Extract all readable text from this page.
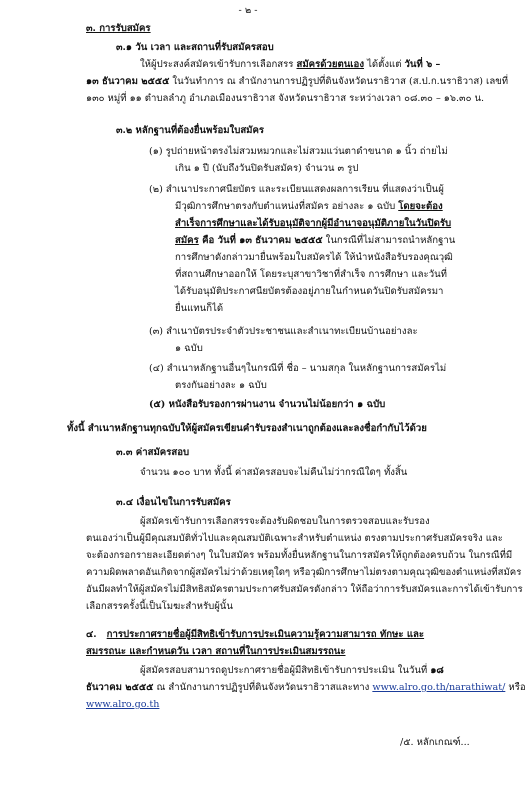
- ๒ -
๓. การรับสมัคร
๓.๑ วัน เวลา และสถานที่รับสมัครสอบ
ให้ผู้ประสงค์สมัครเข้ารับการเลือกสรร สมัครด้วยตนเอง ได้ตั้งแต่ วันที่ ๖ –
๑๓ ธันวาคม ๒๕๕๕ ในวันทำการ ณ สำนักงานการปฏิรูปที่ดินจังหวัดนราธิวาส (ส.ป.ก.นราธิวาส) เลขที่
๑๓๐ หมู่ที่ ๑๑ ตำบลลำภู อำเภอเมืองนราธิวาส จังหวัดนราธิวาส ระหว่างเวลา ๐๘.๓๐ – ๑๖.๓๐ น.
๓.๒ หลักฐานที่ต้องยื่นพร้อมใบสมัคร
(๑) รูปถ่ายหน้าตรงไม่สวมหมวกและไม่สวมแว่นตาดำขนาด ๑ นิ้ว ถ่ายไม่
เกิน ๑ ปี (นับถึงวันปิดรับสมัคร) จำนวน ๓ รูป
(๒) สำเนาประกาศนียบัตร และระเบียนแสดงผลการเรียน ที่แสดงว่าเป็นผู้
มีวุฒิการศึกษาตรงกับตำแหน่งที่สมัคร อย่างละ ๑ ฉบับ โดยจะต้อง
สำเร็จการศึกษาและได้รับอนุมัติจากผู้มีอำนาจอนุมัติภายในวันปิดรับ
สมัคร คือ วันที่ ๑๓ ธันวาคม ๒๕๕๕ ในกรณีที่ไม่สามารถนำหลักฐาน
การศึกษาดังกล่าวมายื่นพร้อมใบสมัครได้ ให้นำหนังสือรับรองคุณวุฒิ
ที่สถานศึกษาออกให้ โดยระบุสาขาวิชาที่สำเร็จ การศึกษา และวันที่
ได้รับอนุมัติประกาศนียบัตรต้องอยู่ภายในกำหนดวันปิดรับสมัครมา
ยื่นแทนก็ได้
(๓) สำเนาบัตรประจำตัวประชาชนและสำเนาทะเบียนบ้านอย่างละ
๑ ฉบับ
(๔) สำเนาหลักฐานอื่นๆในกรณีที่ ชื่อ – นามสกุล ในหลักฐานการสมัครไม่
ตรงกันอย่างละ ๑ ฉบับ
(๕) หนังสือรับรองการผ่านงาน จำนวนไม่น้อยกว่า ๑ ฉบับ
ทั้งนี้ สำเนาหลักฐานทุกฉบับให้ผู้สมัครเขียนคำรับรองสำเนาถูกต้องและลงชื่อกำกับไว้ด้วย
๓.๓ ค่าสมัครสอบ
จำนวน ๑๐๐ บาท ทั้งนี้ ค่าสมัครสอบจะไม่คืนไม่ว่ากรณีใดๆ ทั้งสิ้น
๓.๔ เงื่อนไขในการรับสมัคร
ผู้สมัครเข้ารับการเลือกสรรจะต้องรับผิดชอบในการตรวจสอบและรับรอง
ตนเองว่าเป็นผู้มีคุณสมบัติทั่วไปและคุณสมบัติเฉพาะสำหรับตำแหน่ง ตรงตามประกาศรับสมัครจริง และ
จะต้องกรอกรายละเอียดต่างๆ ในใบสมัคร พร้อมทั้งยื่นหลักฐานในการสมัครให้ถูกต้องครบถ้วน ในกรณีที่มี
ความผิดพลาดอันเกิดจากผู้สมัครไม่ว่าด้วยเหตุใดๆ หรือวุฒิการศึกษาไม่ตรงตามคุณวุฒิของตำแหน่งที่สมัคร
อันมีผลทำให้ผู้สมัครไม่มีสิทธิสมัครตามประกาศรับสมัครดังกล่าว ให้ถือว่าการรับสมัครและการได้เข้ารับการ
เลือกสรรครั้งนี้เป็นโมฆะสำหรับผู้นั้น
๔. การประกาศรายชื่อผู้มีสิทธิเข้ารับการประเมินความรู้ความสามารถ ทักษะ และ
สมรรถนะ และกำหนดวัน เวลา สถานที่ในการประเมินสมรรถนะ
ผู้สมัครสอบสามารถดูประกาศรายชื่อผู้มีสิทธิเข้ารับการประเมิน ในวันที่ ๑๘
ธันวาคม ๒๕๕๕ ณ สำนักงานการปฏิรูปที่ดินจังหวัดนราธิวาสและทาง www.alro.go.th/narathiwat/ หรือ
www.alro.go.th
/๕. หลักเกณฑ์...
